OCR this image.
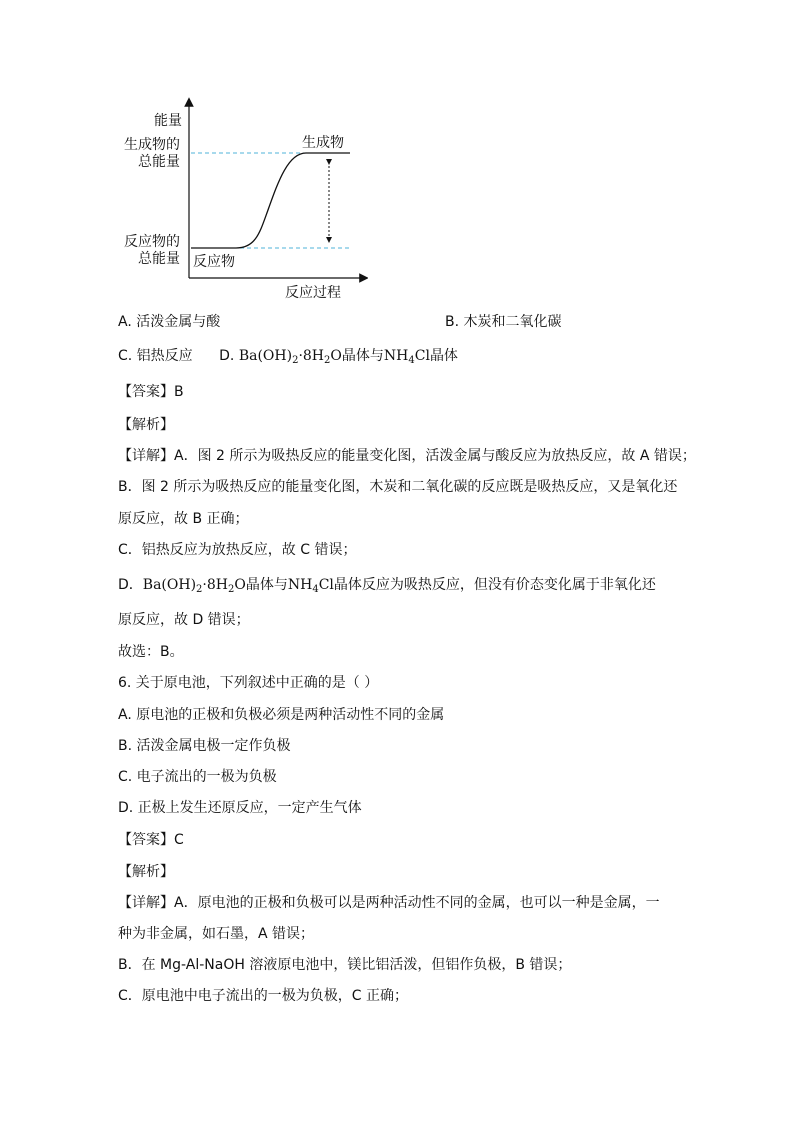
能量
生成物的
总能量
反应物的
总能量
生成物
反应物
反应过程
A. 活泼金属与酸	B. 木炭和二氧化碳
C. 铝热反应 D. $Ba(OH)_2\cdot 8H_2O$晶体与$NH_4Cl$晶体
【答案】B
【解析】
【详解】A．图 2 所示为吸热反应的能量变化图，活泼金属与酸反应为放热反应，故 A 错误；
B．图 2 所示为吸热反应的能量变化图，木炭和二氧化碳的反应既是吸热反应，又是氧化还
原反应，故 B 正确；
C．铝热反应为放热反应，故 C 错误；
D．$Ba(OH)_2\cdot 8H_2O$晶体与$NH_4Cl$晶体反应为吸热反应，但没有价态变化属于非氧化还
原反应，故 D 错误；
故选：B。
6. 关于原电池，下列叙述中正确的是（ ）
A. 原电池的正极和负极必须是两种活动性不同的金属
B. 活泼金属电极一定作负极
C. 电子流出的一极为负极
D. 正极上发生还原反应，一定产生气体
【答案】C
【解析】
【详解】A．原电池的正极和负极可以是两种活动性不同的金属，也可以一种是金属，一
种为非金属，如石墨，A 错误；
B．在 Mg-Al-NaOH 溶液原电池中，镁比铝活泼，但铝作负极，B 错误；
C．原电池中电子流出的一极为负极，C 正确；
